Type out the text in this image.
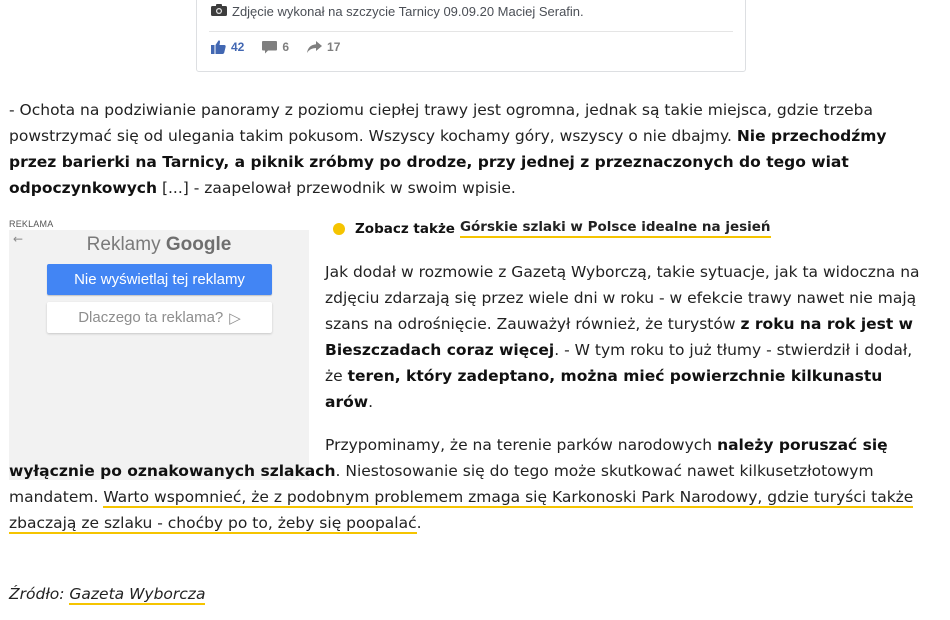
Zdjęcie wykonał na szczycie Tarnicy 09.09.20 Maciej Serafin.
42	6	17

- Ochota na podziwianie panoramy z poziomu ciepłej trawy jest ogromna, jednak są takie miejsca, gdzie trzeba powstrzymać się od ulegania takim pokusom. Wszyscy kochamy góry, wszyscy o nie dbajmy. Nie przechodźmy przez barierki na Tarnicy, a piknik zróbmy po drodze, przy jednej z przeznaczonych do tego wiat odpoczynkowych [...] - zaapelował przewodnik w swoim wpisie.

REKLAMA
←	Reklamy Google
Nie wyświetlaj tej reklamy
Dlaczego ta reklama? ▷
Zobacz także Górskie szlaki w Polsce idealne na jesień

Jak dodał w rozmowie z Gazetą Wyborczą, takie sytuacje, jak ta widoczna na zdjęciu zdarzają się przez wiele dni w roku - w efekcie trawy nawet nie mają szans na odrośnięcie. Zauważył również, że turystów z roku na rok jest w Bieszczadach coraz więcej. - W tym roku to już tłumy - stwierdził i dodał, że teren, który zadeptano, można mieć powierzchnie kilkunastu arów.

Przypominamy, że na terenie parków narodowych należy poruszać się wyłącznie po oznakowanych szlakach. Niestosowanie się do tego może skutkować nawet kilkusetzłotowym mandatem. Warto wspomnieć, że z podobnym problemem zmaga się Karkonoski Park Narodowy, gdzie turyści także zbaczają ze szlaku - choćby po to, żeby się poopalać.

Źródło: Gazeta Wyborcza
